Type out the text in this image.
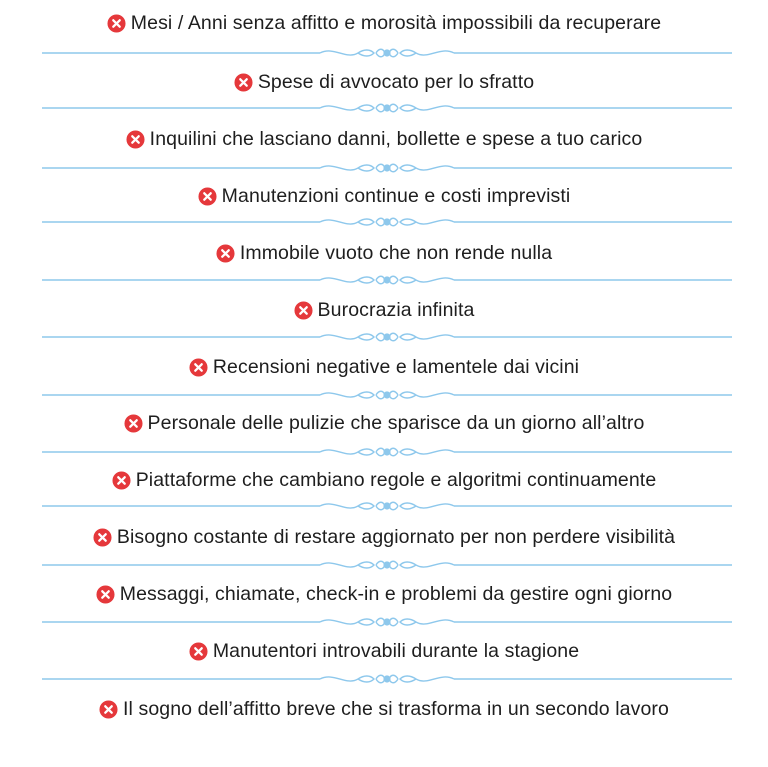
Mesi / Anni senza affitto e morosità impossibili da recuperare
Spese di avvocato per lo sfratto
Inquilini che lasciano danni, bollette e spese a tuo carico
Manutenzioni continue e costi imprevisti
Immobile vuoto che non rende nulla
Burocrazia infinita
Recensioni negative e lamentele dai vicini
Personale delle pulizie che sparisce da un giorno all’altro
Piattaforme che cambiano regole e algoritmi continuamente
Bisogno costante di restare aggiornato per non perdere visibilità
Messaggi, chiamate, check-in e problemi da gestire ogni giorno
Manutentori introvabili durante la stagione
Il sogno dell’affitto breve che si trasforma in un secondo lavoro
